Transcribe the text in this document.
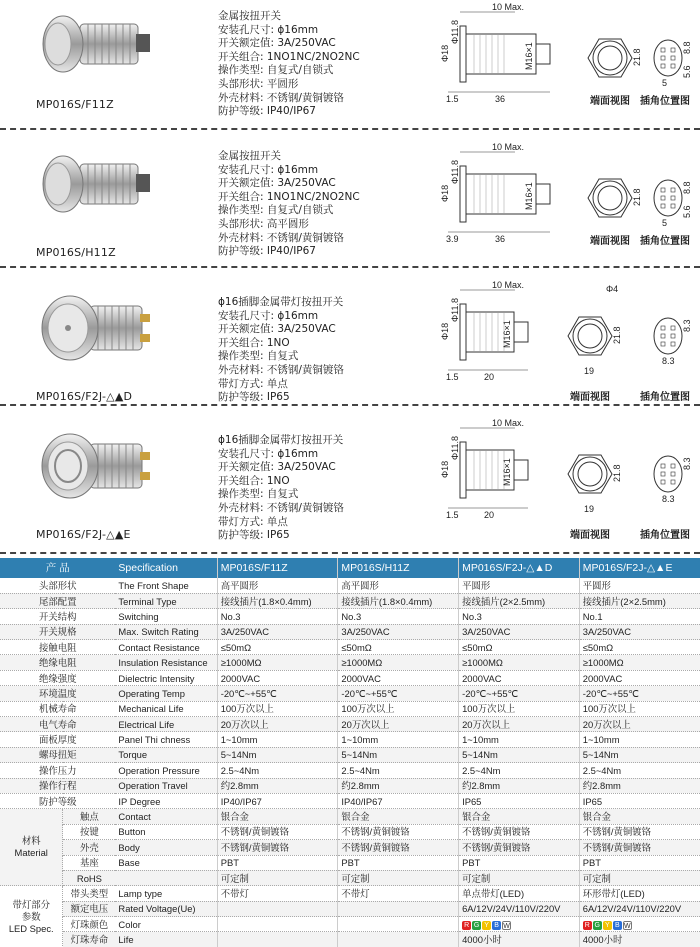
MP016S/F11Z
金属按扭开关
安装孔尺寸: ϕ16mm
开关额定值: 3A/250VAC
开关组合: 1NO1NC/2NO2NC
操作类型: 自复式/自锁式
头部形状: 平圆形
外壳材料: 不锈钢/黄铜镀铬
防护等级: IP40/IP67
10 Max.
Φ18
Φ11.8
M16×1
1.5	36
21.8
端面视图
8.8
5.6
5
插角位置图
MP016S/H11Z
金属按扭开关
安装孔尺寸: ϕ16mm
开关额定值: 3A/250VAC
开关组合: 1NO1NC/2NO2NC
操作类型: 自复式/自锁式
头部形状: 高平圆形
外壳材料: 不锈钢/黄铜镀铬
防护等级: IP40/IP67
10 Max.
Φ18
Φ11.8
M16×1
3.9	36
21.8
端面视图
8.8
5.6
5
插角位置图
MP016S/F2J-△▲D
ϕ16插脚金属带灯按扭开关
安装孔尺寸: ϕ16mm
开关额定值: 3A/250VAC
开关组合: 1NO
操作类型: 自复式
外壳材料: 不锈钢/黄铜镀铬
带灯方式: 单点
防护等级: IP65
10 Max.
Φ18
Φ11.8
M16×1
1.5	20
Φ4
21.8
19
端面视图
8.3
8.3
插角位置图
MP016S/F2J-△▲E
ϕ16插脚金属带灯按扭开关
安装孔尺寸: ϕ16mm
开关额定值: 3A/250VAC
开关组合: 1NO
操作类型: 自复式
外壳材料: 不锈钢/黄铜镀铬
带灯方式: 单点
防护等级: IP65
10 Max.
Φ18
Φ11.8
M16×1
1.5	20
21.8
19
端面视图
8.3
8.3
插角位置图
产 品		Specification	MP016S/F11Z	MP016S/H11Z	MP016S/F2J-△▲D	MP016S/F2J-△▲E
头部形状		The Front Shape	高平圆形	高平圆形	平圆形	平圆形
尾部配置		Terminal Type	接线插片(1.8×0.4mm)	接线插片(1.8×0.4mm)	接线插片(2×2.5mm)	接线插片(2×2.5mm)
开关结构		Switching	No.3	No.3	No.3	No.1
开关规格		Max. Switch Rating	3A/250VAC	3A/250VAC	3A/250VAC	3A/250VAC
接触电阻		Contact Resistance	≤50mΩ	≤50mΩ	≤50mΩ	≤50mΩ
绝缘电阻		Insulation Resistance	≥1000MΩ	≥1000MΩ	≥1000MΩ	≥1000MΩ
绝缘强度		Dielectric Intensity	2000VAC	2000VAC	2000VAC	2000VAC
环境温度		Operating Temp	-20℃~+55℃	-20℃~+55℃	-20℃~+55℃	-20℃~+55℃
机械寿命		Mechanical Life	100万次以上	100万次以上	100万次以上	100万次以上
电气寿命		Electrical Life	20万次以上	20万次以上	20万次以上	20万次以上
面板厚度		Panel Thi chness	1~10mm	1~10mm	1~10mm	1~10mm
螺母扭矩		Torque	5~14Nm	5~14Nm	5~14Nm	5~14Nm
操作压力		Operation Pressure	2.5~4Nm	2.5~4Nm	2.5~4Nm	2.5~4Nm
操作行程		Operation Travel	约2.8mm	约2.8mm	约2.8mm	约2.8mm
防护等级		IP Degree	IP40/IP67	IP40/IP67	IP65	IP65

材料
Material	触点	Contact	银合金	银合金	银合金	银合金
	按键	Button	不锈钢/黄铜镀铬	不锈钢/黄铜镀铬	不锈钢/黄铜镀铬	不锈钢/黄铜镀铬
	外壳	Body	不锈钢/黄铜镀铬	不锈钢/黄铜镀铬	不锈钢/黄铜镀铬	不锈钢/黄铜镀铬
	基座	Base	PBT	PBT	PBT	PBT
	RoHS		可定制	可定制	可定制	可定制

带灯部分
参数
LED Spec.	帯头类型	Lamp type	不带灯	不带灯	单点带灯(LED)	环形带灯(LED)
	额定电压	Rated Voltage(Ue)			6A/12V/24V/110V/220V	6A/12V/24V/110V/220V
	灯珠颜色	Color			R G Y B W	R G Y B W
	灯珠寿命	Life			4000小时	4000小时
